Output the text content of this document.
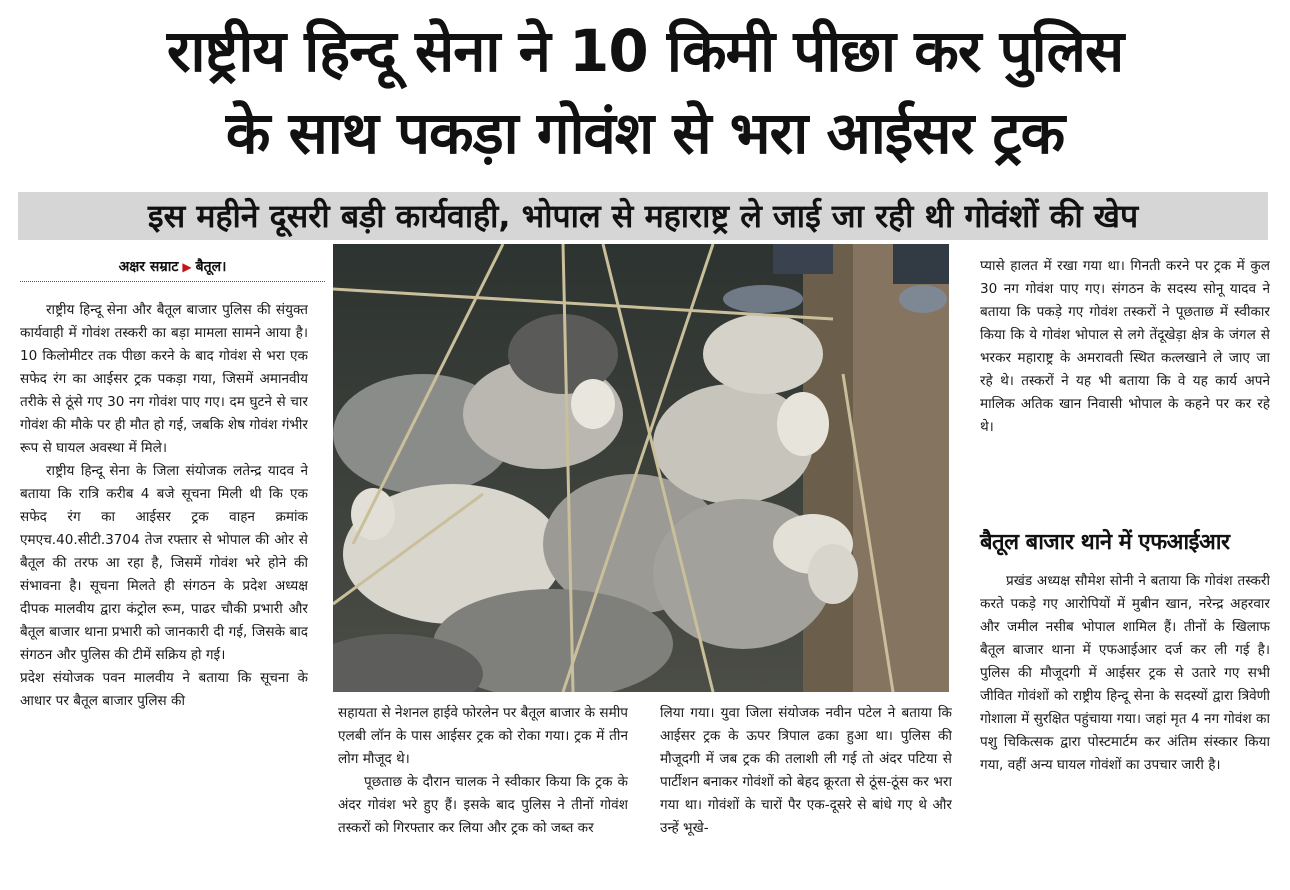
राष्ट्रीय हिन्दू सेना ने 10 किमी पीछा कर पुलिस
के साथ पकड़ा गोवंश से भरा आईसर ट्रक
इस महीने दूसरी बड़ी कार्यवाही, भोपाल से महाराष्ट्र ले जाई जा रही थी गोवंशों की खेप
अक्षर सम्राट ▶ बैतूल।

राष्ट्रीय हिन्दू सेना और बैतूल बाजार पुलिस की संयुक्त कार्यवाही में गोवंश तस्करी का बड़ा मामला सामने आया है। 10 किलोमीटर तक पीछा करने के बाद गोवंश से भरा एक सफेद रंग का आईसर ट्रक पकड़ा गया, जिसमें अमानवीय तरीके से ठूंसे गए 30 नग गोवंश पाए गए। दम घुटने से चार गोवंश की मौके पर ही मौत हो गई, जबकि शेष गोवंश गंभीर रूप से घायल अवस्था में मिले।

राष्ट्रीय हिन्दू सेना के जिला संयोजक लतेन्द्र यादव ने बताया कि रात्रि करीब 4 बजे सूचना मिली थी कि एक सफेद रंग का आईसर ट्रक वाहन क्रमांक एमएच.40.सीटी.3704 तेज रफ्तार से भोपाल की ओर से बैतूल की तरफ आ रहा है, जिसमें गोवंश भरे होने की संभावना है। सूचना मिलते ही संगठन के प्रदेश अध्यक्ष दीपक मालवीय द्वारा कंट्रोल रूम, पाढर चौकी प्रभारी और बैतूल बाजार थाना प्रभारी को जानकारी दी गई, जिसके बाद संगठन और पुलिस की टीमें सक्रिय हो गई।

प्रदेश संयोजक पवन मालवीय ने बताया कि सूचना के आधार पर बैतूल बाजार पुलिस की

सहायता से नेशनल हाईवे फोरलेन पर बैतूल बाजार के समीप एलबी लॉन के पास आईसर ट्रक को रोका गया। ट्रक में तीन लोग मौजूद थे।

पूछताछ के दौरान चालक ने स्वीकार किया कि ट्रक के अंदर गोवंश भरे हुए हैं। इसके बाद पुलिस ने तीनों गोवंश तस्करों को गिरफ्तार कर लिया और ट्रक को जब्त कर

लिया गया। युवा जिला संयोजक नवीन पटेल ने बताया कि आईसर ट्रक के ऊपर त्रिपाल ढका हुआ था। पुलिस की मौजूदगी में जब ट्रक की तलाशी ली गई तो अंदर पटिया से पार्टीशन बनाकर गोवंशों को बेहद क्रूरता से ठूंस-ठूंस कर भरा गया था। गोवंशों के चारों पैर एक-दूसरे से बांधे गए थे और उन्हें भूखे-

प्यासे हालत में रखा गया था। गिनती करने पर ट्रक में कुल 30 नग गोवंश पाए गए। संगठन के सदस्य सोनू यादव ने बताया कि पकड़े गए गोवंश तस्करों ने पूछताछ में स्वीकार किया कि ये गोवंश भोपाल से लगे तेंदूखेड़ा क्षेत्र के जंगल से भरकर महाराष्ट्र के अमरावती स्थित कत्लखाने ले जाए जा रहे थे। तस्करों ने यह भी बताया कि वे यह कार्य अपने मालिक अतिक खान निवासी भोपाल के कहने पर कर रहे थे।

बैतूल बाजार थाने में एफआईआर

प्रखंड अध्यक्ष सौमेश सोनी ने बताया कि गोवंश तस्करी करते पकड़े गए आरोपियों में मुबीन खान, नरेन्द्र अहरवार और जमील नसीब भोपाल शामिल हैं। तीनों के खिलाफ बैतूल बाजार थाना में एफआईआर दर्ज कर ली गई है। पुलिस की मौजूदगी में आईसर ट्रक से उतारे गए सभी जीवित गोवंशों को राष्ट्रीय हिन्दू सेना के सदस्यों द्वारा त्रिवेणी गोशाला में सुरक्षित पहुंचाया गया। जहां मृत 4 नग गोवंश का पशु चिकित्सक द्वारा पोस्टमार्टम कर अंतिम संस्कार किया गया, वहीं अन्य घायल गोवंशों का उपचार जारी है।
